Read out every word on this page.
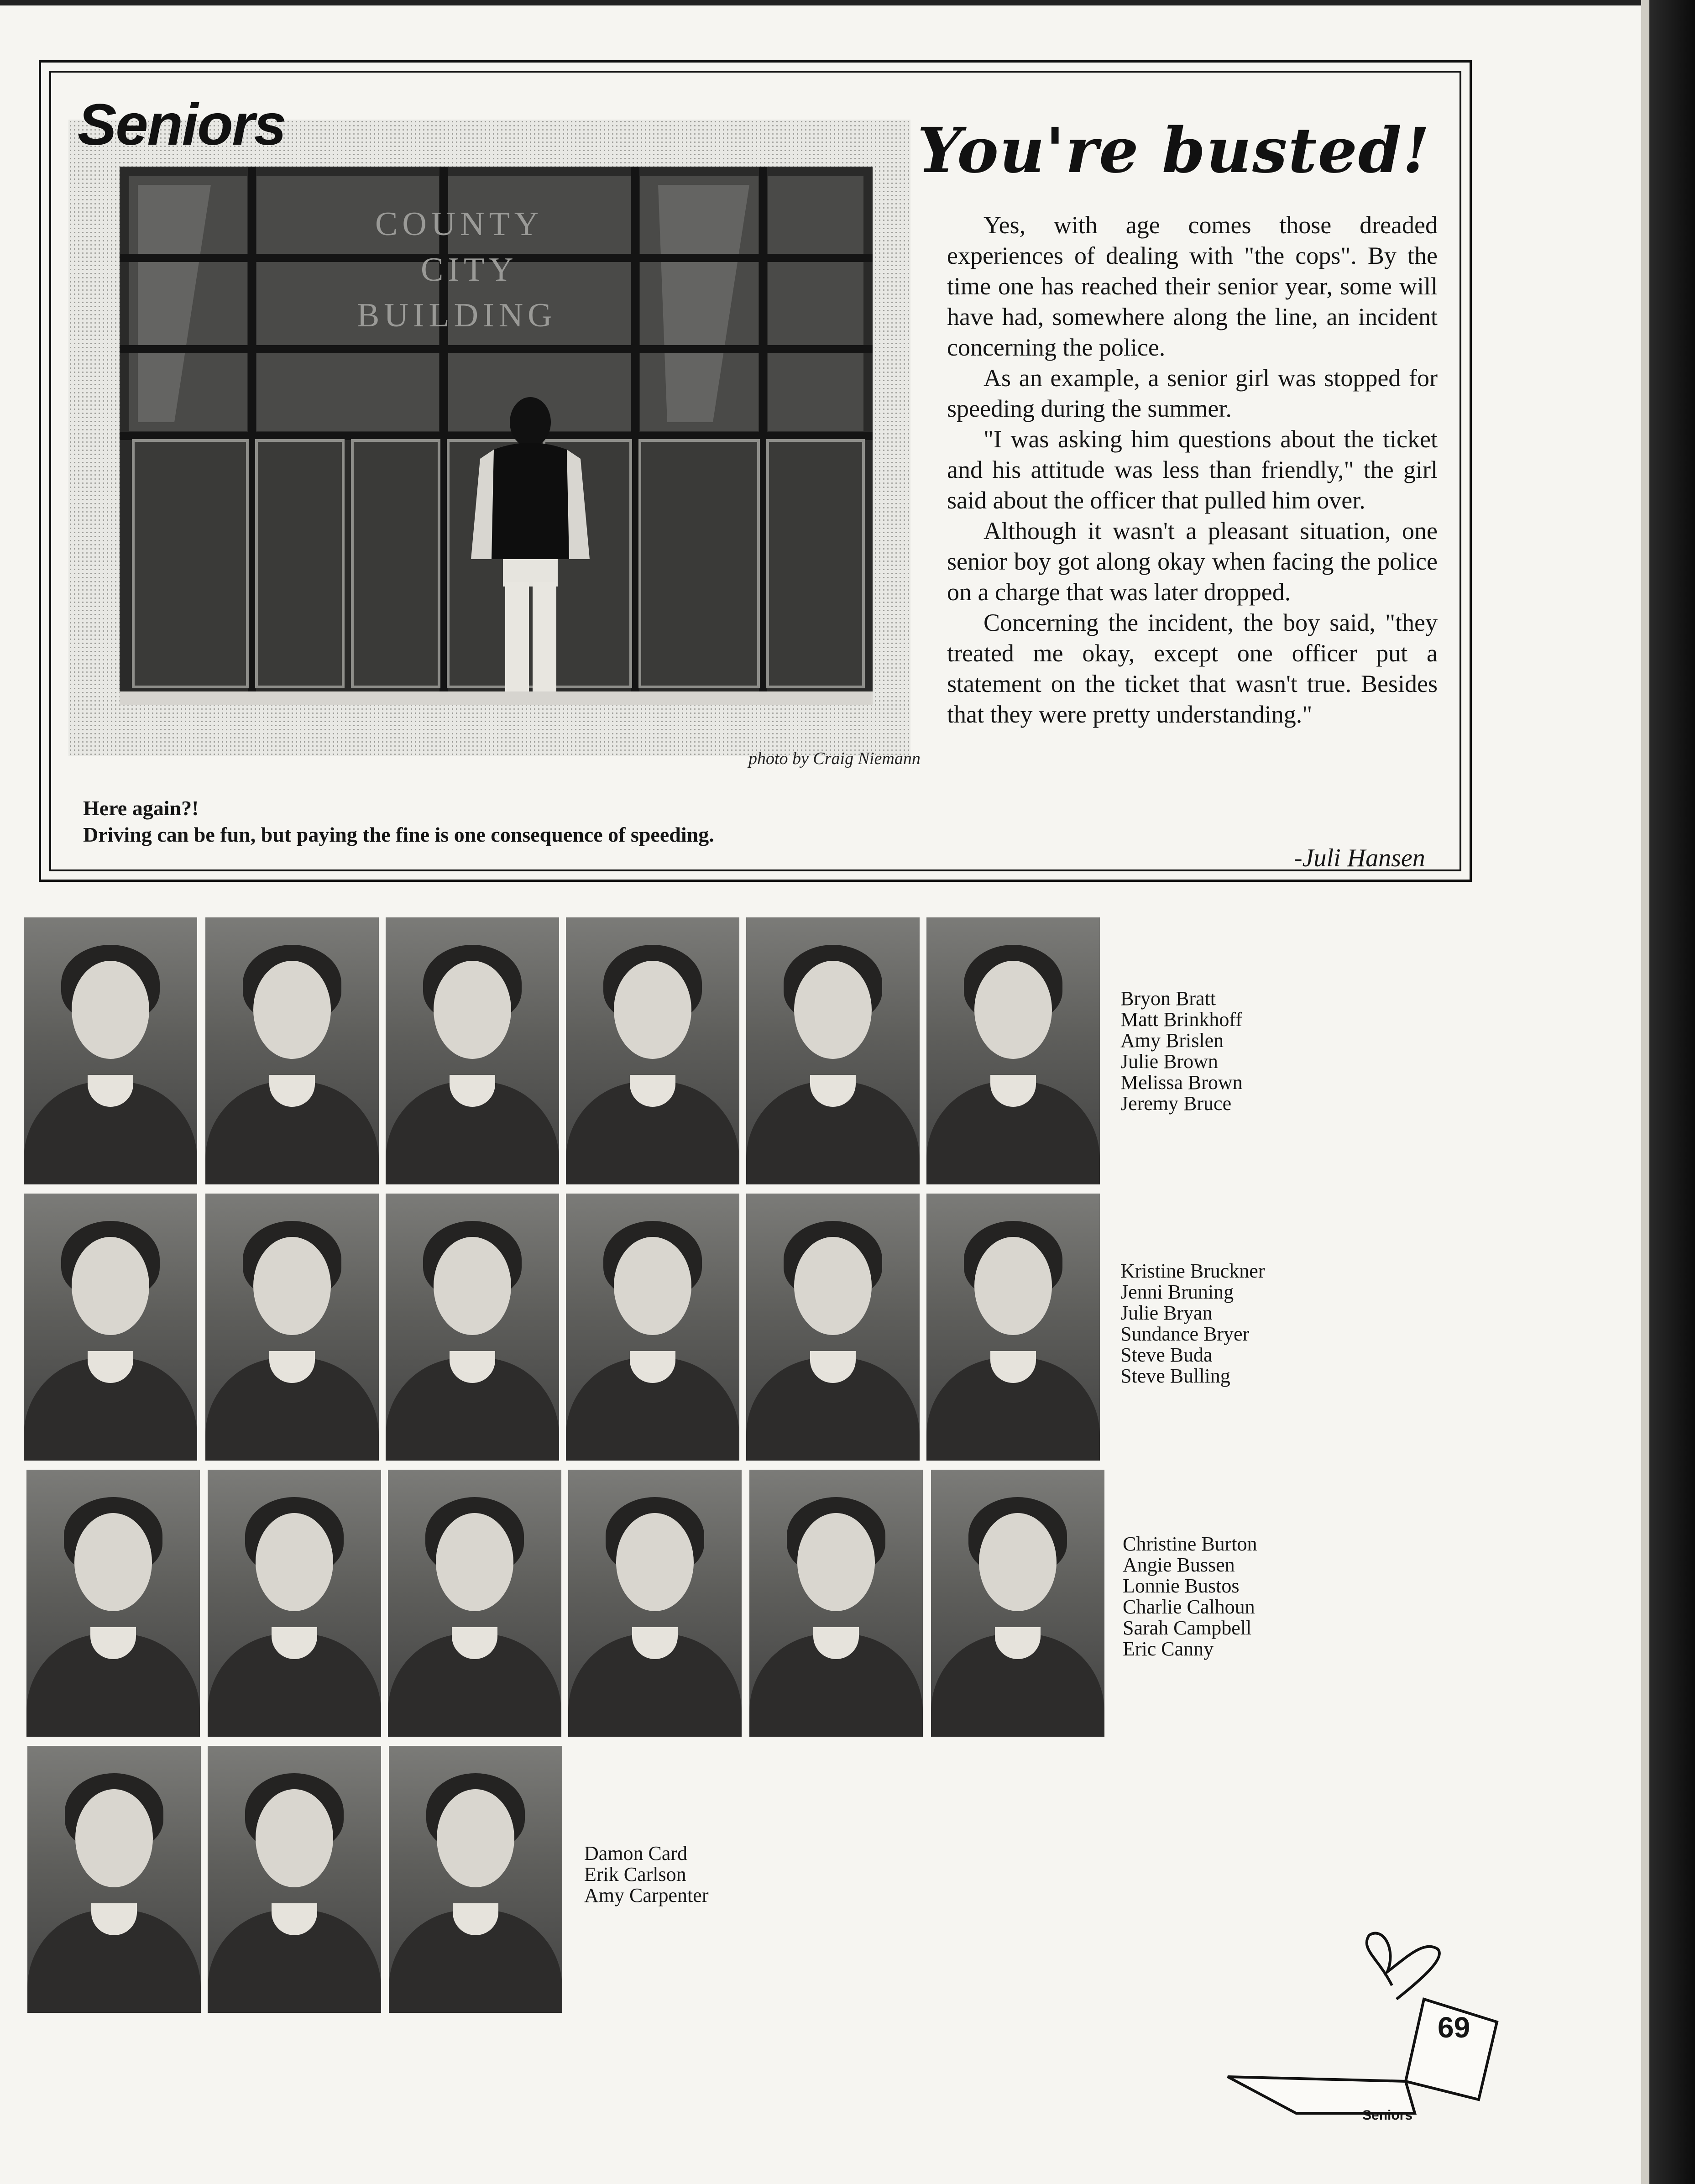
Seniors
COUNTY
CITY
BUILDING
photo by Craig Niemann
Here again?!
Driving can be fun, but paying the fine is one consequence of speeding.
You're busted!

Yes, with age comes those dreaded experiences of dealing with "the cops". By the time one has reached their senior year, some will have had, somewhere along the line, an incident concerning the police.

As an example, a senior girl was stopped for speeding during the summer.

"I was asking him questions about the ticket and his attitude was less than friendly," the girl said about the officer that pulled him over.

Although it wasn't a pleasant situation, one senior boy got along okay when facing the police on a charge that was later dropped.

Concerning the incident, the boy said, "they treated me okay, except one officer put a statement on the ticket that wasn't true. Besides that they were pretty understanding."

-Juli Hansen
Bryon Bratt
Matt Brinkhoff
Amy Brislen
Julie Brown
Melissa Brown
Jeremy Bruce
Kristine Bruckner
Jenni Bruning
Julie Bryan
Sundance Bryer
Steve Buda
Steve Bulling
Christine Burton
Angie Bussen
Lonnie Bustos
Charlie Calhoun
Sarah Campbell
Eric Canny
Damon Card
Erik Carlson
Amy Carpenter
69
Seniors
